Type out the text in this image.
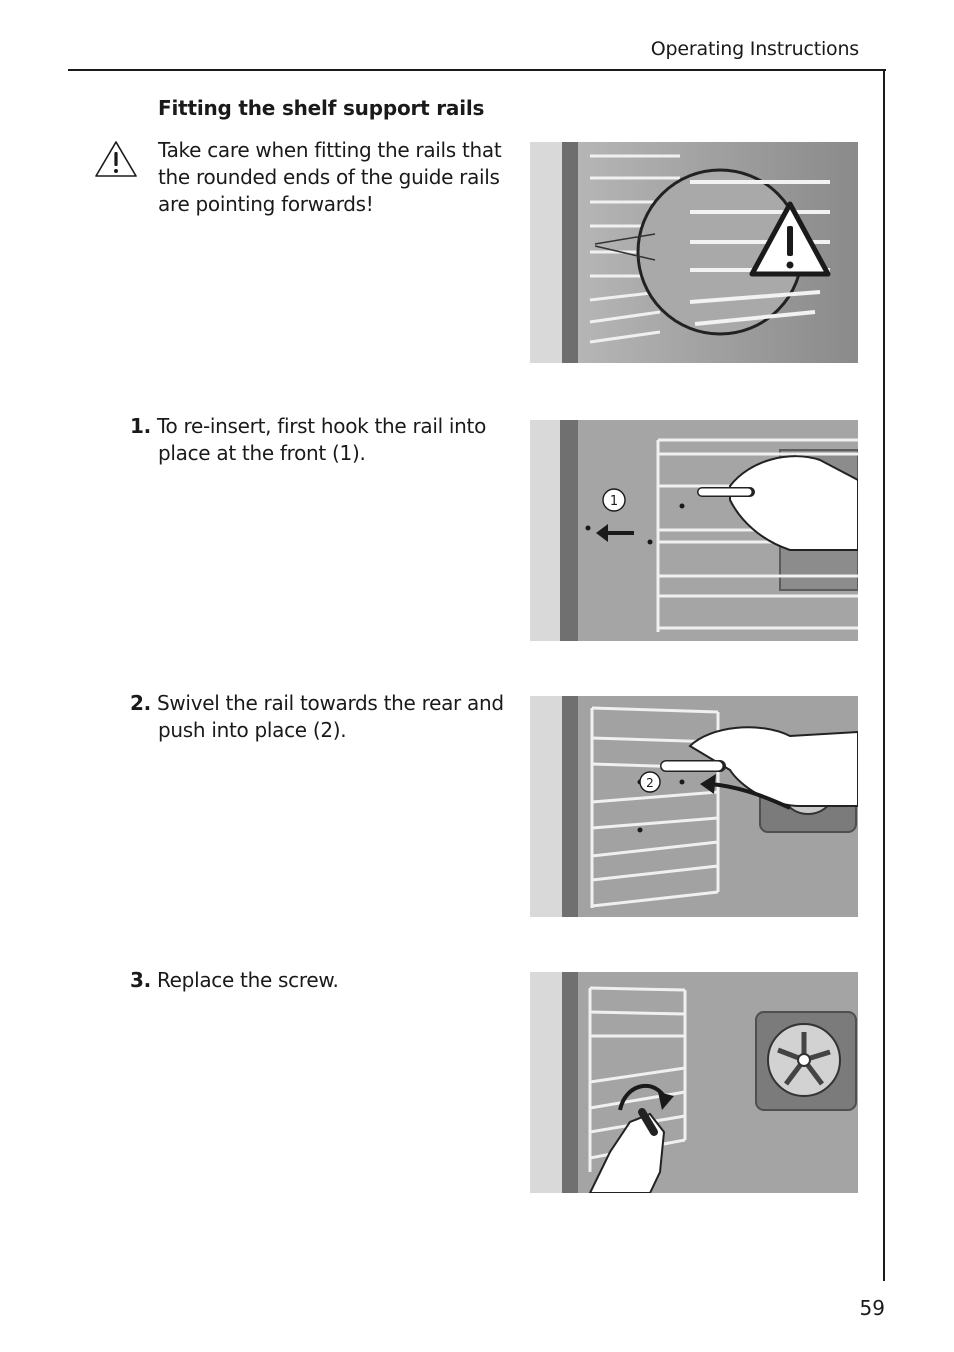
Operating Instructions
Fitting the shelf support rails
Take care when fitting the rails that
the rounded ends of the guide rails
are pointing forwards!
1. To re-insert, first hook the rail into
place at the front (1).
1
2. Swivel the rail towards the rear and
push into place (2).
2
3. Replace the screw.
59
